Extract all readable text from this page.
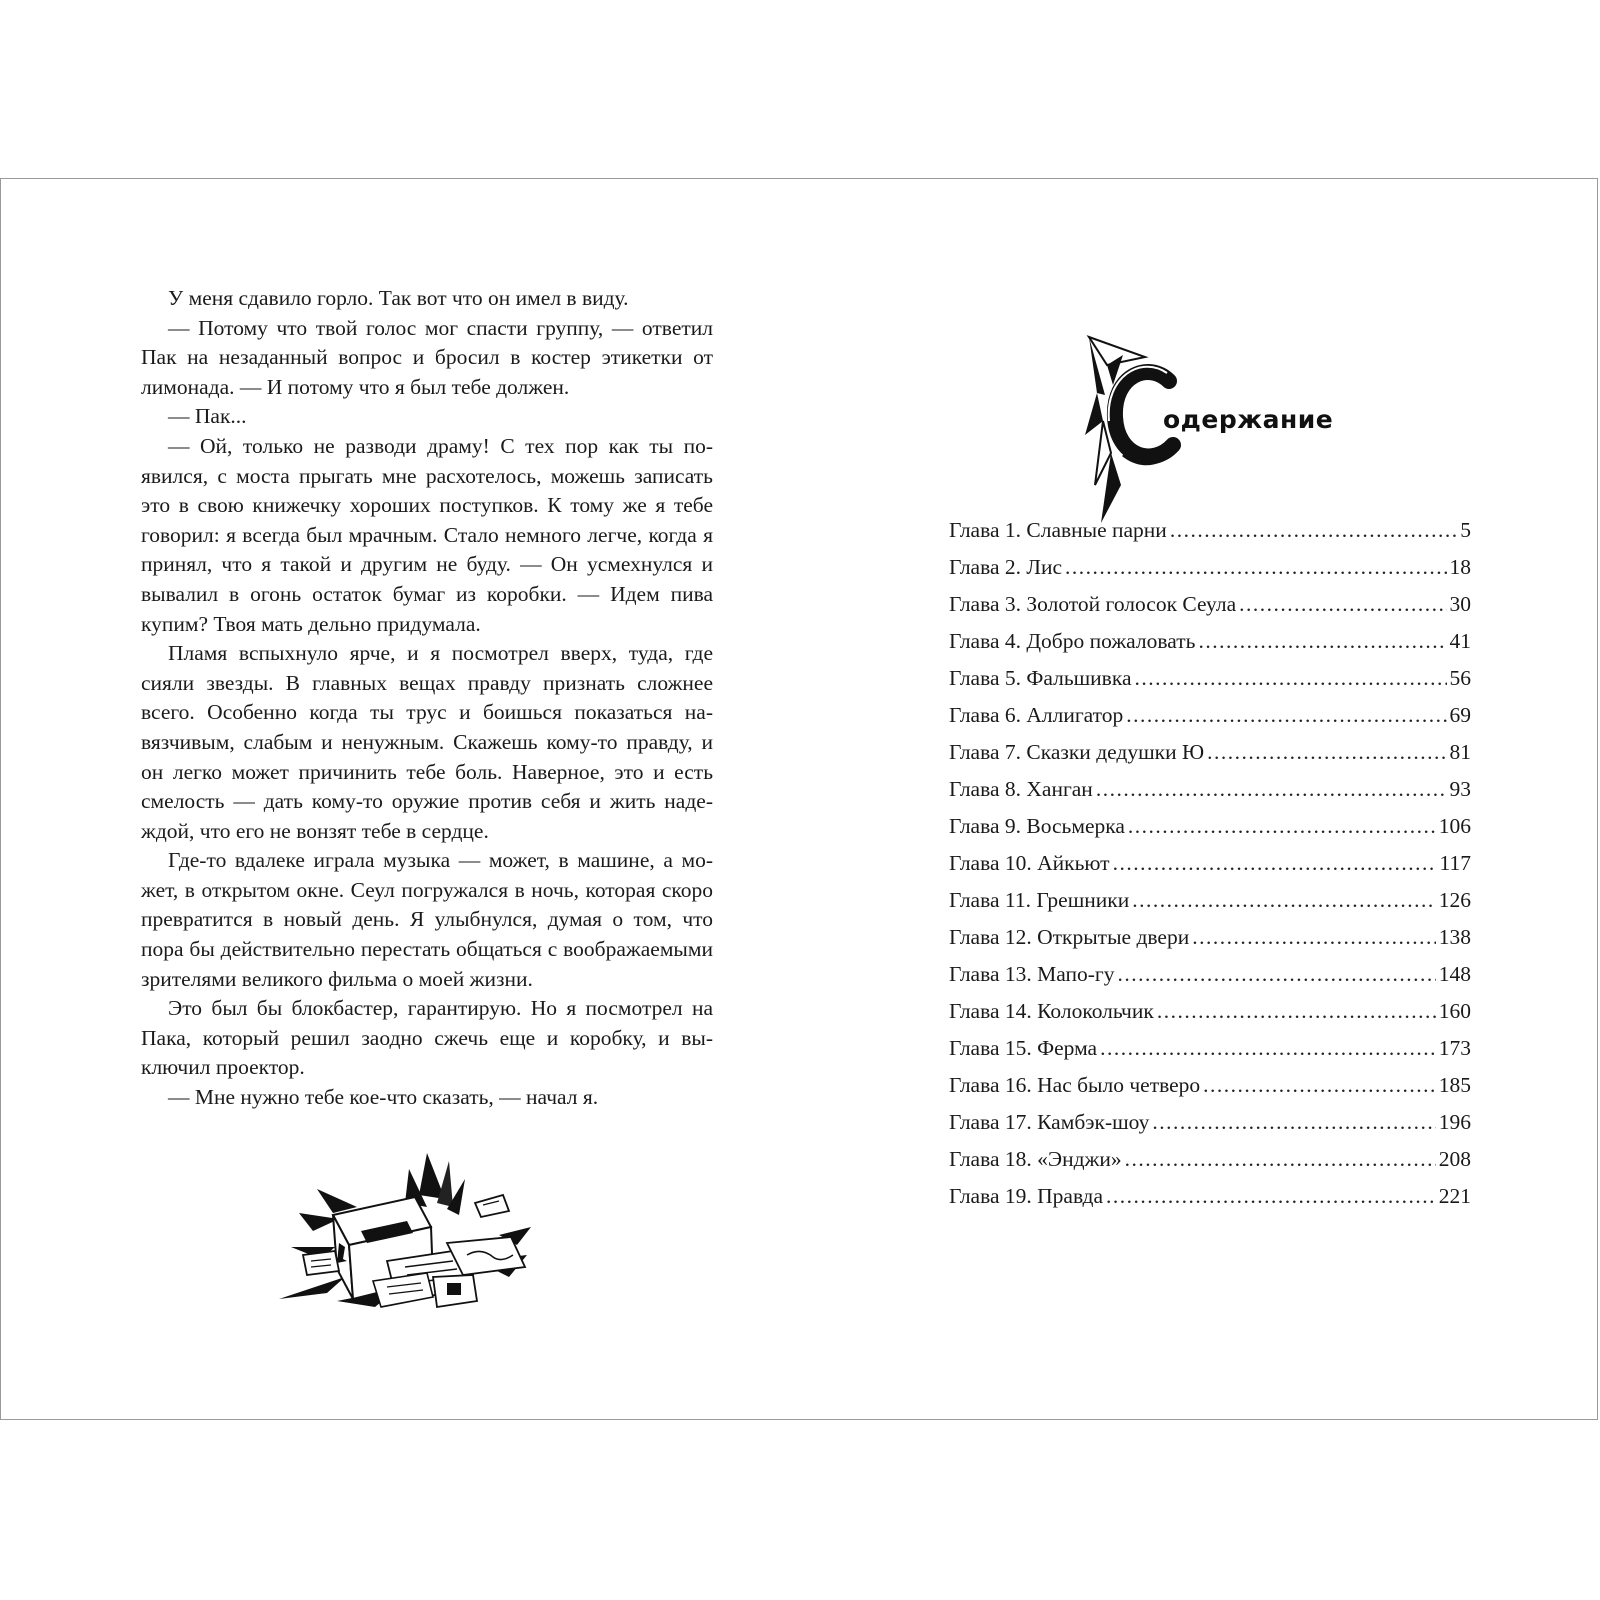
У меня сдавило горло. Так вот что он имел в виду.

— Потому что твой голос мог спасти группу, — ответил Пак на незаданный вопрос и бросил в костер этикетки от лимонада. — И потому что я был тебе должен.

— Пак...

— Ой, только не разводи драму! С тех пор как ты появился, с моста прыгать мне расхотелось, можешь записать это в свою книжечку хороших поступков. К тому же я тебе говорил: я всегда был мрачным. Стало немного легче, когда я принял, что я такой и другим не буду. — Он усмехнулся и вывалил в огонь остаток бумаг из коробки. — Идем пива купим? Твоя мать дельно придумала.

Пламя вспыхнуло ярче, и я посмотрел вверх, туда, где сияли звезды. В главных вещах правду признать сложнее всего. Особенно когда ты трус и боишься показаться навязчивым, слабым и ненужным. Скажешь кому-то правду, и он легко может причинить тебе боль. Наверное, это и есть смелость — дать кому-то оружие против себя и жить надеждой, что его не вонзят тебе в сердце.

Где-то вдалеке играла музыка — может, в машине, а может, в открытом окне. Сеул погружался в ночь, которая скоро превратится в новый день. Я улыбнулся, думая о том, что пора бы действительно перестать общаться с воображаемыми зрителями великого фильма о моей жизни.

Это был бы блокбастер, гарантирую. Но я посмотрел на Пака, который решил заодно сжечь еще и коробку, и выключил проектор.

— Мне нужно тебе кое-что сказать, — начал я.

одержание
Глава 1. Славные парни .....	5
Глава 2. Лис .....	18
Глава 3. Золотой голосок Сеула .....	30
Глава 4. Добро пожаловать .....	41
Глава 5. Фальшивка .....	56
Глава 6. Аллигатор .....	69
Глава 7. Сказки дедушки Ю .....	81
Глава 8. Ханган .....	93
Глава 9. Восьмерка .....	106
Глава 10. Айкьют .....	117
Глава 11. Грешники .....	126
Глава 12. Открытые двери .....	138
Глава 13. Мапо-гу .....	148
Глава 14. Колокольчик .....	160
Глава 15. Ферма .....	173
Глава 16. Нас было четверо .....	185
Глава 17. Камбэк-шоу .....	196
Глава 18. «Энджи» .....	208
Глава 19. Правда .....	221
